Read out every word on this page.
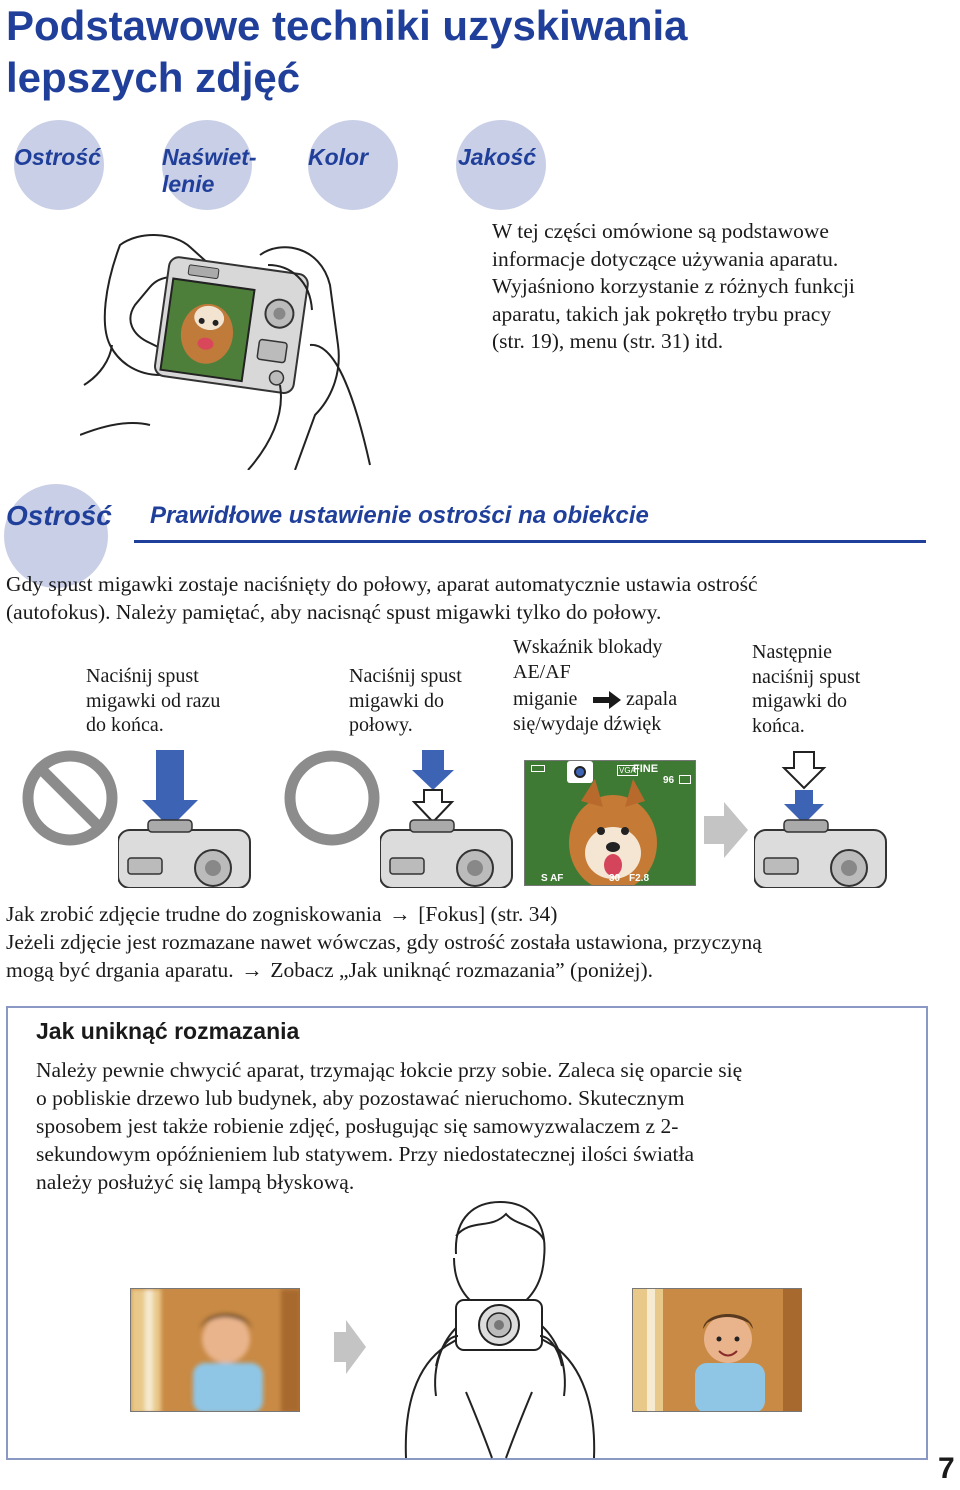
Podstawowe techniki uzyskiwania
lepszych zdjęć
Ostrość	Naświet-
lenie
Kolor	Jakość
W tej części omówione są podstawowe
informacje dotyczące używania aparatu.
Wyjaśniono korzystanie z różnych funkcji
aparatu, takich jak pokrętło trybu pracy
(str. 19), menu (str. 31) itd.
Ostrość Prawidłowe ustawienie ostrości na obiekcie
Gdy spust migawki zostaje naciśnięty do połowy, aparat automatycznie ustawia ostrość
(autofokus). Należy pamiętać, aby nacisnąć spust migawki tylko do połowy.
Naciśnij spust
migawki od razu
do końca.
Naciśnij spust
migawki do
połowy.
Wskaźnik blokady
AE/AF
miganie zapala
się/wydaje dźwięk
Następnie
naciśnij spust
migawki do
końca.
VGA
FINE
96
S AF	30 F2.8
Jak zrobić zdjęcie trudne do zogniskowania → [Fokus] (str. 34)
Jeżeli zdjęcie jest rozmazane nawet wówczas, gdy ostrość została ustawiona, przyczyną
mogą być drgania aparatu. → Zobacz „Jak uniknąć rozmazania” (poniżej).
Jak uniknąć rozmazania
Należy pewnie chwycić aparat, trzymając łokcie przy sobie. Zaleca się oparcie się
o pobliskie drzewo lub budynek, aby pozostawać nieruchomo. Skutecznym
sposobem jest także robienie zdjęć, posługując się samowyzwalaczem z 2-
sekundowym opóźnieniem lub statywem. Przy niedostatecznej ilości światła
należy posłużyć się lampą błyskową.
7
